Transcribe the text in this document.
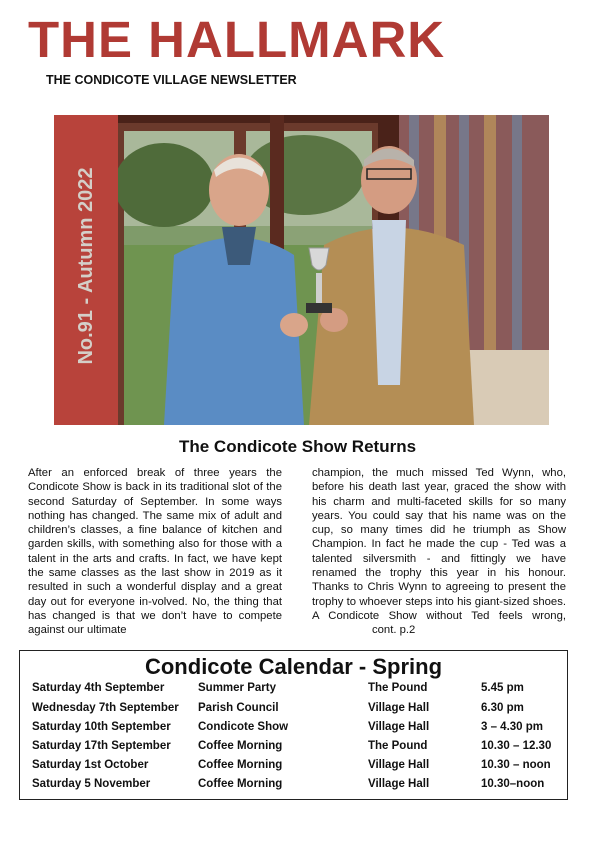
THE HALLMARK
THE CONDICOTE VILLAGE NEWSLETTER
No.91 - Autumn 2022
The Condicote Show Returns
After an enforced break of three years the Condicote Show is back in its traditional slot of the second Saturday of September. In some ways nothing has changed. The same mix of adult and children’s classes, a fine balance of kitchen and garden skills, with something also for those with a talent in the arts and crafts. In fact, we have kept the same classes as the last show in 2019 as it resulted in such a wonderful display and a great day out for everyone in-volved. No, the thing that has changed is that we don’t have to compete against our ultimate
champion, the much missed Ted Wynn, who, before his death last year, graced the show with his charm and multi-faceted skills for so many years. You could say that his name was on the cup, so many times did he triumph as Show Champion. In fact he made the cup - Ted was a talented silversmith - and fittingly we have renamed the trophy this year in his honour. Thanks to Chris Wynn to agreeing to present the trophy to whoever steps into his giant-sized shoes. A Condicote Show without Ted feels wrong,cont. p.2
Condicote Calendar - Spring
Saturday 4th September	Summer Party	The Pound	5.45 pm
Wednesday 7th September Parish Council	Village Hall	6.30 pm
Saturday 10th September Condicote Show	Village Hall	3 – 4.30 pm
Saturday 17th September Coffee Morning	The Pound	10.30 – 12.30
Saturday 1st October	Coffee Morning	Village Hall	10.30 – noon
Saturday 5 November	Coffee Morning	Village Hall	10.30–noon
